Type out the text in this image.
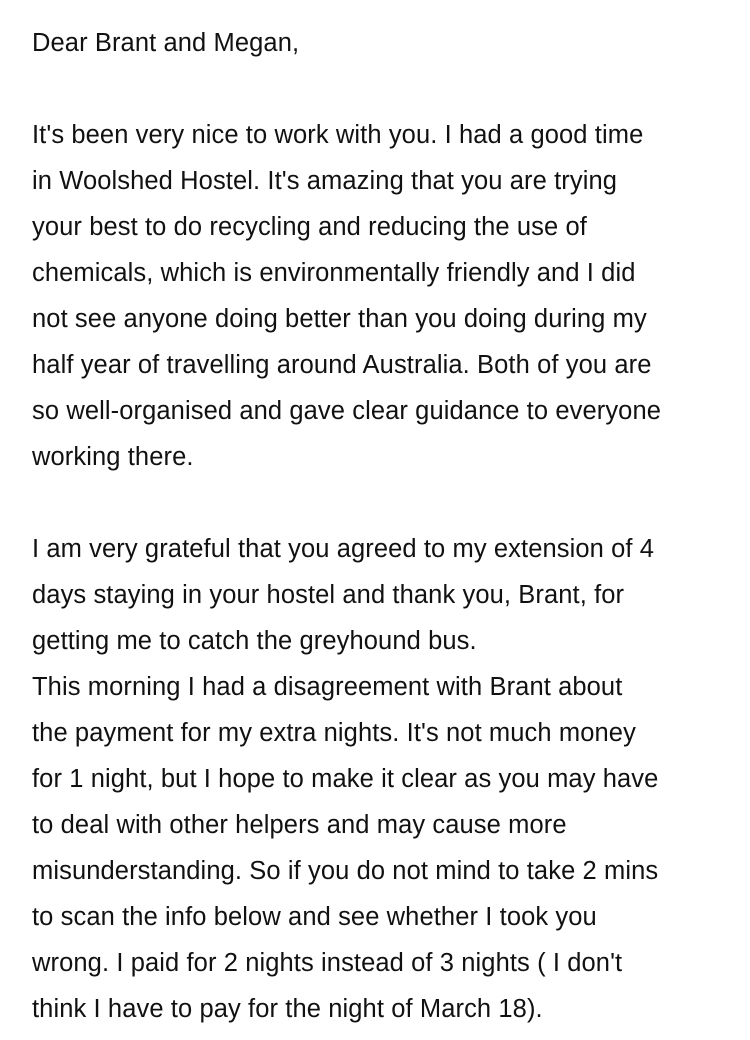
Dear Brant and Megan,
It's been very nice to work with you. I had a good time
in Woolshed Hostel. It's amazing that you are trying
your best to do recycling and reducing the use of
chemicals, which is environmentally friendly and I did
not see anyone doing better than you doing during my
half year of travelling around Australia. Both of you are
so well-organised and gave clear guidance to everyone
working there.
I am very grateful that you agreed to my extension of 4
days staying in your hostel and thank you, Brant, for
getting me to catch the greyhound bus.
This morning I had a disagreement with Brant about
the payment for my extra nights. It's not much money
for 1 night, but I hope to make it clear as you may have
to deal with other helpers and may cause more
misunderstanding. So if you do not mind to take 2 mins
to scan the info below and see whether I took you
wrong. I paid for 2 nights instead of 3 nights ( I don't
think I have to pay for the night of March 18).
